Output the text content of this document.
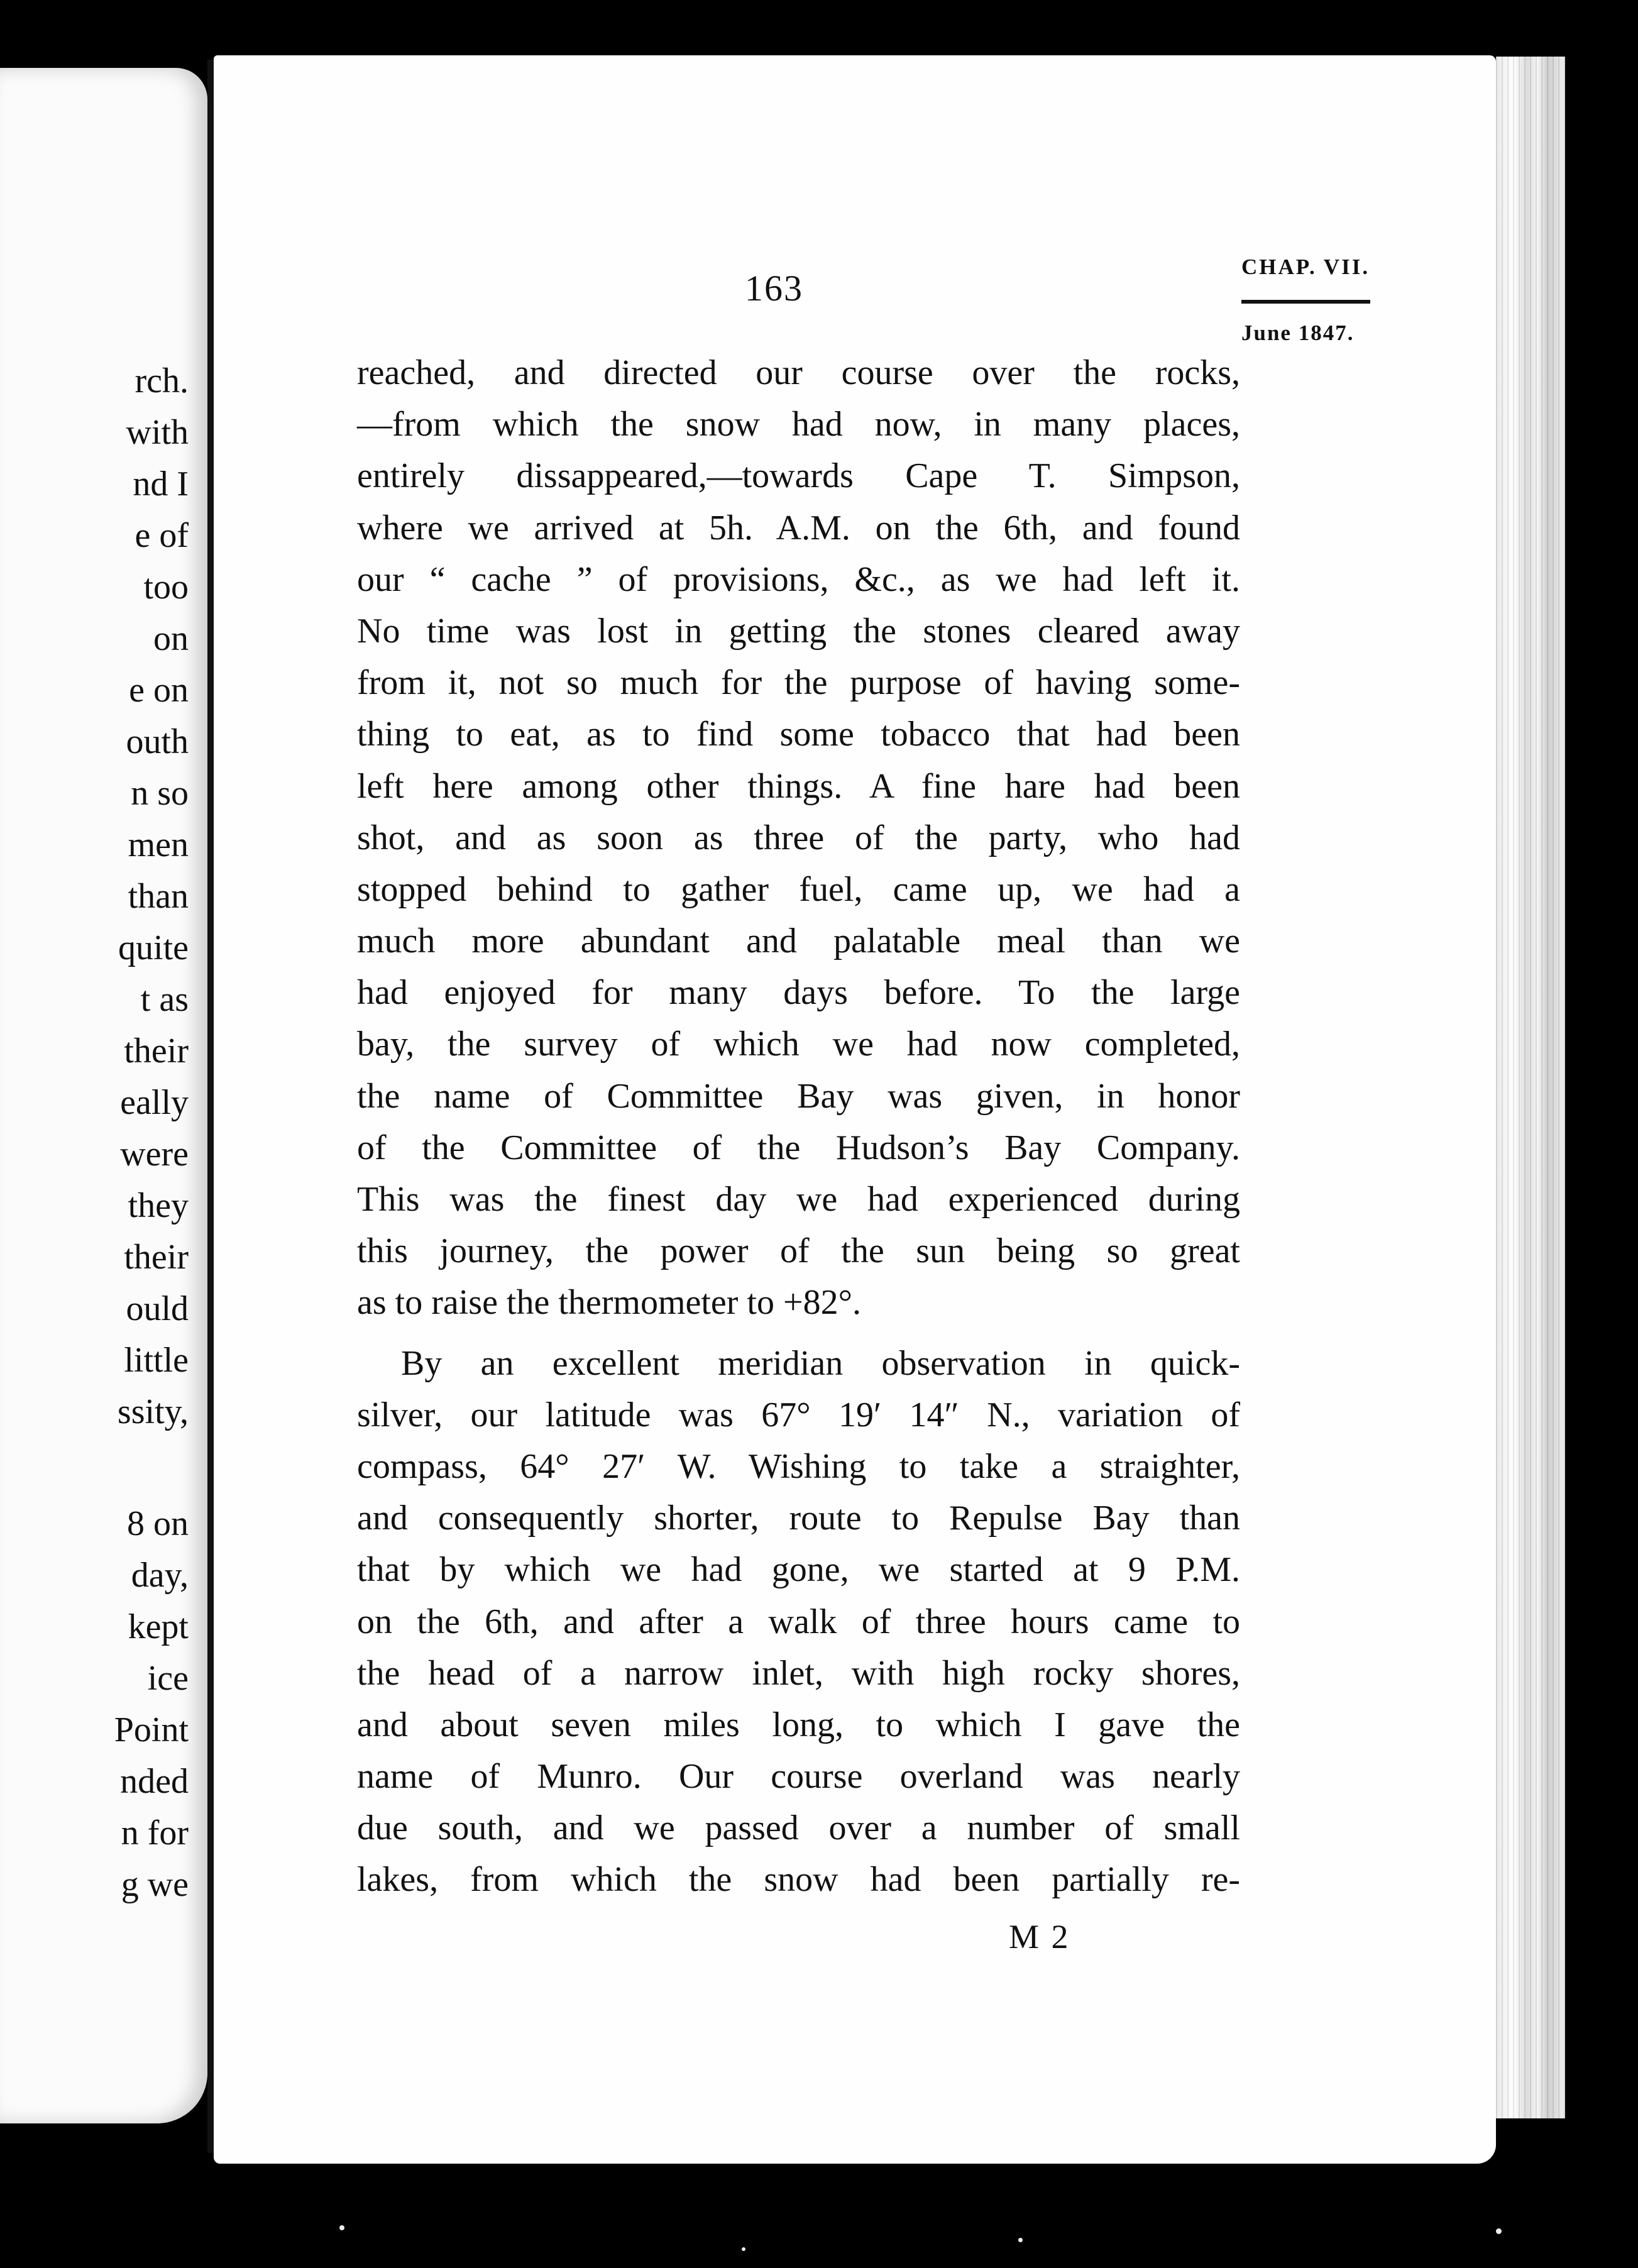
rch.
with
nd I
e of
too
on
e on
outh
n so
men
than
quite
t as
their
eally
were
they
their
ould
little
ssity,
8 on
day,
kept
ice
Point
nded
n for
g we
163
CHAP. VII.
June 1847.
reached, and directed our course over the rocks,
—from which the snow had now, in many places,
entirely dissappeared,—towards Cape T. Simpson,
where we arrived at 5h. A.M. on the 6th, and found
our “ cache ” of provisions, &c., as we had left it.
No time was lost in getting the stones cleared away
from it, not so much for the purpose of having some-
thing to eat, as to find some tobacco that had been
left here among other things. A fine hare had been
shot, and as soon as three of the party, who had
stopped behind to gather fuel, came up, we had a
much more abundant and palatable meal than we
had enjoyed for many days before. To the large
bay, the survey of which we had now completed,
the name of Committee Bay was given, in honor
of the Committee of the Hudson’s Bay Company.
This was the finest day we had experienced during
this journey, the power of the sun being so great
as to raise the thermometer to +82°.
By an excellent meridian observation in quick-
silver, our latitude was 67° 19′ 14″ N., variation of
compass, 64° 27′ W. Wishing to take a straighter,
and consequently shorter, route to Repulse Bay than
that by which we had gone, we started at 9 P.M.
on the 6th, and after a walk of three hours came to
the head of a narrow inlet, with high rocky shores,
and about seven miles long, to which I gave the
name of Munro. Our course overland was nearly
due south, and we passed over a number of small
lakes, from which the snow had been partially re-
M 2
